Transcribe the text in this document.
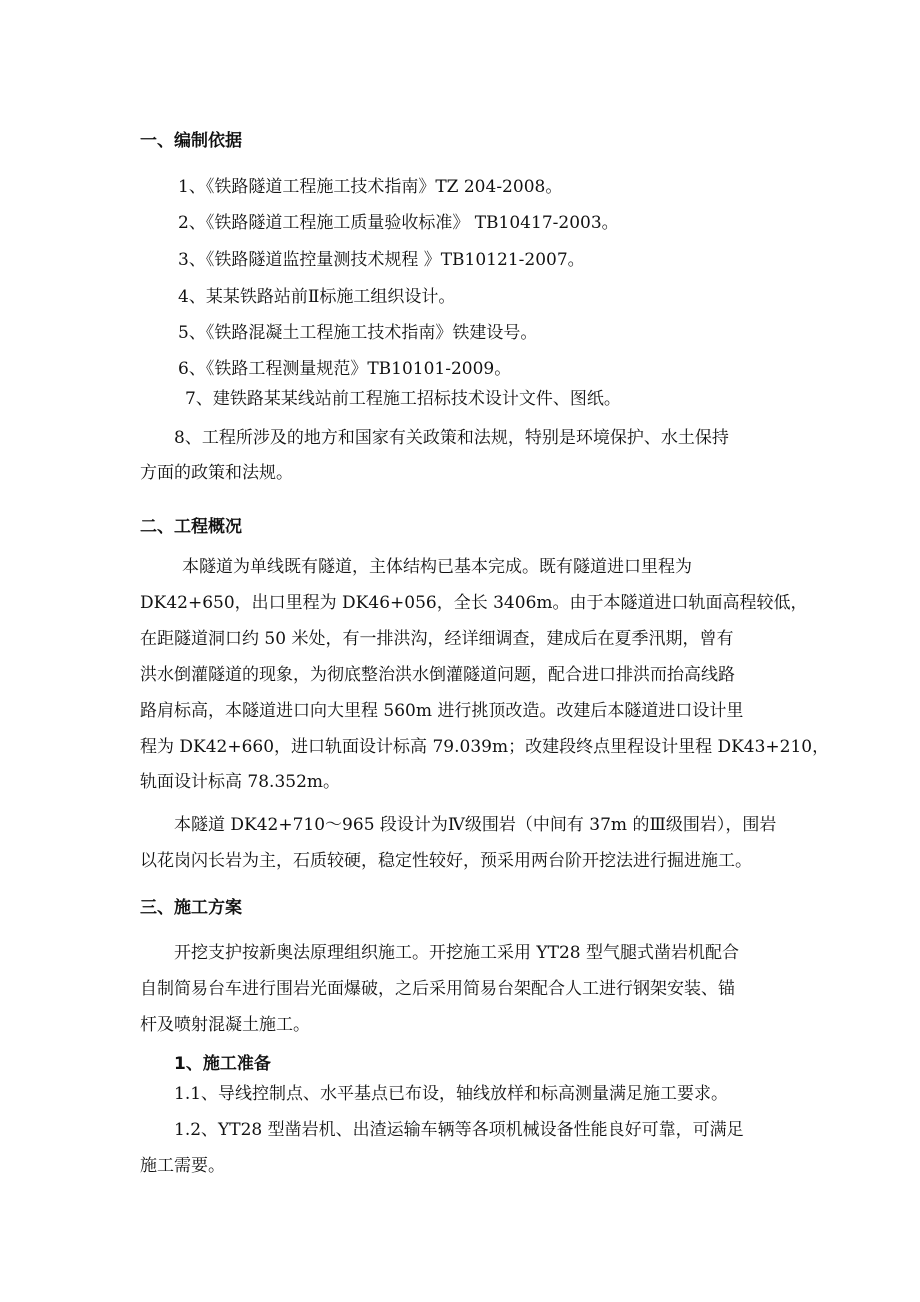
一、编制依据
1、《铁路隧道工程施工技术指南》TZ 204-2008。
2、《铁路隧道工程施工质量验收标准》 TB10417-2003。
3、《铁路隧道监控量测技术规程 》TB10121-2007。
4、某某铁路站前Ⅱ标施工组织设计。
5、《铁路混凝土工程施工技术指南》铁建设号。
6、《铁路工程测量规范》TB10101-2009。
7、建铁路某某线站前工程施工招标技术设计文件、图纸。
8、工程所涉及的地方和国家有关政策和法规，特别是环境保护、水土保持
方面的政策和法规。
二、工程概况
本隧道为单线既有隧道，主体结构已基本完成。既有隧道进口里程为
DK42+650，出口里程为 DK46+056，全长 3406m。由于本隧道进口轨面高程较低，
在距隧道洞口约 50 米处，有一排洪沟，经详细调查，建成后在夏季汛期，曾有
洪水倒灌隧道的现象，为彻底整治洪水倒灌隧道问题，配合进口排洪而抬高线路
路肩标高，本隧道进口向大里程 560m 进行挑顶改造。改建后本隧道进口设计里
程为 DK42+660，进口轨面设计标高 79.039m；改建段终点里程设计里程 DK43+210，
轨面设计标高 78.352m。
本隧道 DK42+710～965 段设计为Ⅳ级围岩（中间有 37m 的Ⅲ级围岩），围岩
以花岗闪长岩为主，石质较硬，稳定性较好，预采用两台阶开挖法进行掘进施工。
三、施工方案
开挖支护按新奥法原理组织施工。开挖施工采用 YT28 型气腿式凿岩机配合
自制简易台车进行围岩光面爆破，之后采用简易台架配合人工进行钢架安装、锚
杆及喷射混凝土施工。
1、施工准备
1.1、导线控制点、水平基点已布设，轴线放样和标高测量满足施工要求。
1.2、YT28 型凿岩机、出渣运输车辆等各项机械设备性能良好可靠，可满足
施工需要。
